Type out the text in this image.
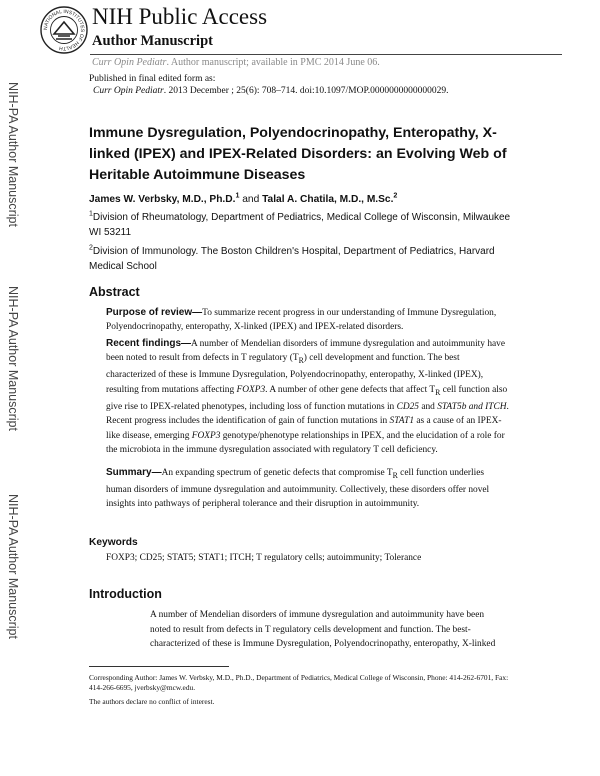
NATIONAL INSTITUTES OF HEALTH
NIH Public Access
Author Manuscript
Curr Opin Pediatr. Author manuscript; available in PMC 2014 June 06.
NIH-PA Author Manuscript
NIH-PA Author Manuscript
NIH-PA Author Manuscript
Published in final edited form as:
Curr Opin Pediatr. 2013 December ; 25(6): 708–714. doi:10.1097/MOP.0000000000000029.
Immune Dysregulation, Polyendocrinopathy, Enteropathy, X-linked (IPEX) and IPEX-Related Disorders: an Evolving Web of Heritable Autoimmune Diseases
James W. Verbsky, M.D., Ph.D.$^1$ and Talal A. Chatila, M.D., M.Sc.$^2$
$^1$Division of Rheumatology, Department of Pediatrics, Medical College of Wisconsin, Milwaukee WI 53211
$^2$Division of Immunology. The Boston Children's Hospital, Department of Pediatrics, Harvard Medical School
Abstract
Purpose of review—To summarize recent progress in our understanding of Immune Dysregulation, Polyendocrinopathy, enteropathy, X-linked (IPEX) and IPEX-related disorders.
Recent findings—A number of Mendelian disorders of immune dysregulation and autoimmunity have been noted to result from defects in T regulatory $(T_R)$ cell development and function. The best characterized of these is Immune Dysregulation, Polyendocrinopathy, enteropathy, X-linked (IPEX), resulting from mutations affecting FOXP3. A number of other gene defects that affect $T_R$ cell function also give rise to IPEX-related phenotypes, including loss of function mutations in CD25 and STAT5b and ITCH. Recent progress includes the identification of gain of function mutations in STAT1 as a cause of an IPEX-like disease, emerging FOXP3 genotype/phenotype relationships in IPEX, and the elucidation of a role for the microbiota in the immune dysregulation associated with regulatory T cell deficiency.
Summary—An expanding spectrum of genetic defects that compromise $T_R$ cell function underlies human disorders of immune dysregulation and autoimmunity. Collectively, these disorders offer novel insights into pathways of peripheral tolerance and their disruption in autoimmunity.
Keywords
FOXP3; CD25; STAT5; STAT1; ITCH; T regulatory cells; autoimmunity; Tolerance
Introduction
A number of Mendelian disorders of immune dysregulation and autoimmunity have been noted to result from defects in T regulatory cells development and function. The best-characterized of these is Immune Dysregulation, Polyendocrinopathy, enteropathy, X-linked
Corresponding Author: James W. Verbsky, M.D., Ph.D., Department of Pediatrics, Medical College of Wisconsin, Phone: 414-262-6701, Fax: 414-266-6695, jverbsky@mcw.edu.
The authors declare no conflict of interest.
